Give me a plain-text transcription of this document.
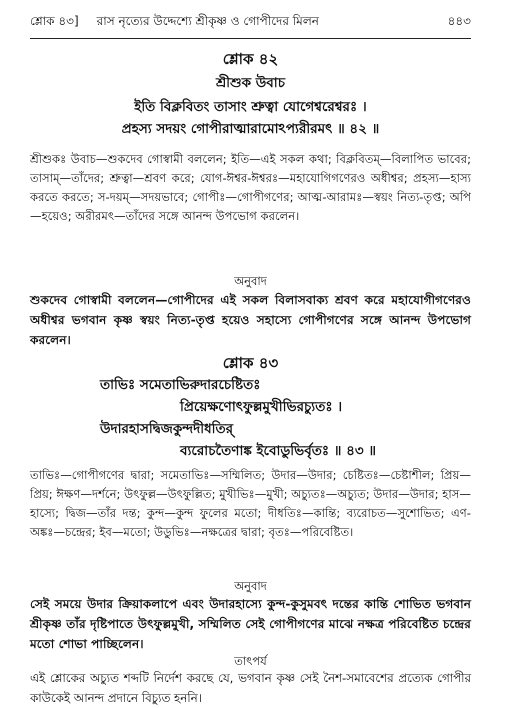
শ্লোক ৪৩] রাস নৃত্যের উদ্দেশ্যে শ্রীকৃষ্ণ ও গোপীদের মিলন	৪৪৩
শ্লোক ৪২
শ্রীশুক উবাচ
ইতি বিক্লবিতং তাসাং শ্রুত্বা যোগেশ্বরেশ্বরঃ ।
প্রহস্য সদয়ং গোপীরাত্মারামোঽপ্যরীরমৎ ॥ ৪২ ॥
শ্রীশুকঃ উবাচ—শুকদেব গোস্বামী বললেন; ইতি—এই সকল কথা; বিক্লবিতম্—বিলাপিত ভাবের; তাসাম্—তাঁদের; শ্রুত্বা—শ্রবণ করে; যোগ-ঈশ্বর-ঈশ্বরঃ—মহাযোগিগণেরও অধীশ্বর; প্রহস্য—হাস্য করতে করতে; স-দয়ম্—সদয়ভাবে; গোপীঃ—গোপীগণের; আত্ম-আরামঃ—স্বয়ং নিত্য-তৃপ্ত; অপি—হয়েও; অরীরমৎ—তাঁদের সঙ্গে আনন্দ উপভোগ করলেন।
অনুবাদ
শুকদেব গোস্বামী বললেন—গোপীদের এই সকল বিলাসবাক্য শ্রবণ করে মহাযোগীগণেরও অধীশ্বর ভগবান কৃষ্ণ স্বয়ং নিত্য-তৃপ্ত হয়েও সহাস্যে গোপীগণের সঙ্গে আনন্দ উপভোগ করলেন।
শ্লোক ৪৩
তাভিঃ সমেতাভিরুদারচেষ্টিতঃ
প্রিয়েক্ষণোৎফুল্লমুখীভিরচ্যুতঃ ।
উদারহাসদ্বিজকুন্দদীধতির্
ব্যরোচতৈণাঙ্ক ইবোডুভির্বৃতঃ ॥ ৪৩ ॥
তাভিঃ—গোপীগণের দ্বারা; সমেতাভিঃ—সম্মিলিত; উদার—উদার; চেষ্টিতঃ—চেষ্টাশীল; প্রিয়—প্রিয়; ঈক্ষণ—দর্শনে; উৎফুল্ল—উৎফুল্লিত; মুখীভিঃ—মুখী; অচ্যুতঃ—অচ্যুত; উদার—উদার; হাস—হাস্যে; দ্বিজ—তাঁর দন্ত; কুন্দ—কুন্দ ফুলের মতো; দীধতিঃ—কান্তি; ব্যরোচত—সুশোভিত; এণ-অঙ্কঃ—চন্দ্রের; ইব—মতো; উডুভিঃ—নক্ষত্রের দ্বারা; বৃতঃ—পরিবেষ্টিত।
অনুবাদ
সেই সময়ে উদার ক্রিয়াকলাপে এবং উদারহাস্যে কুন্দ-কুসুমবৎ দন্তের কান্তি শোভিত ভগবান শ্রীকৃষ্ণ তাঁর দৃষ্টিপাতে উৎফুল্লমুখী, সম্মিলিত সেই গোপীগণের মাঝে নক্ষত্র পরিবেষ্টিত চন্দ্রের মতো শোভা পাচ্ছিলেন।
তাৎপর্য
এই শ্লোকের অচ্যুত শব্দটি নির্দেশ করছে যে, ভগবান কৃষ্ণ সেই নৈশ-সমাবেশের প্রত্যেক গোপীর কাউকেই আনন্দ প্রদানে বিচ্যুত হননি।
